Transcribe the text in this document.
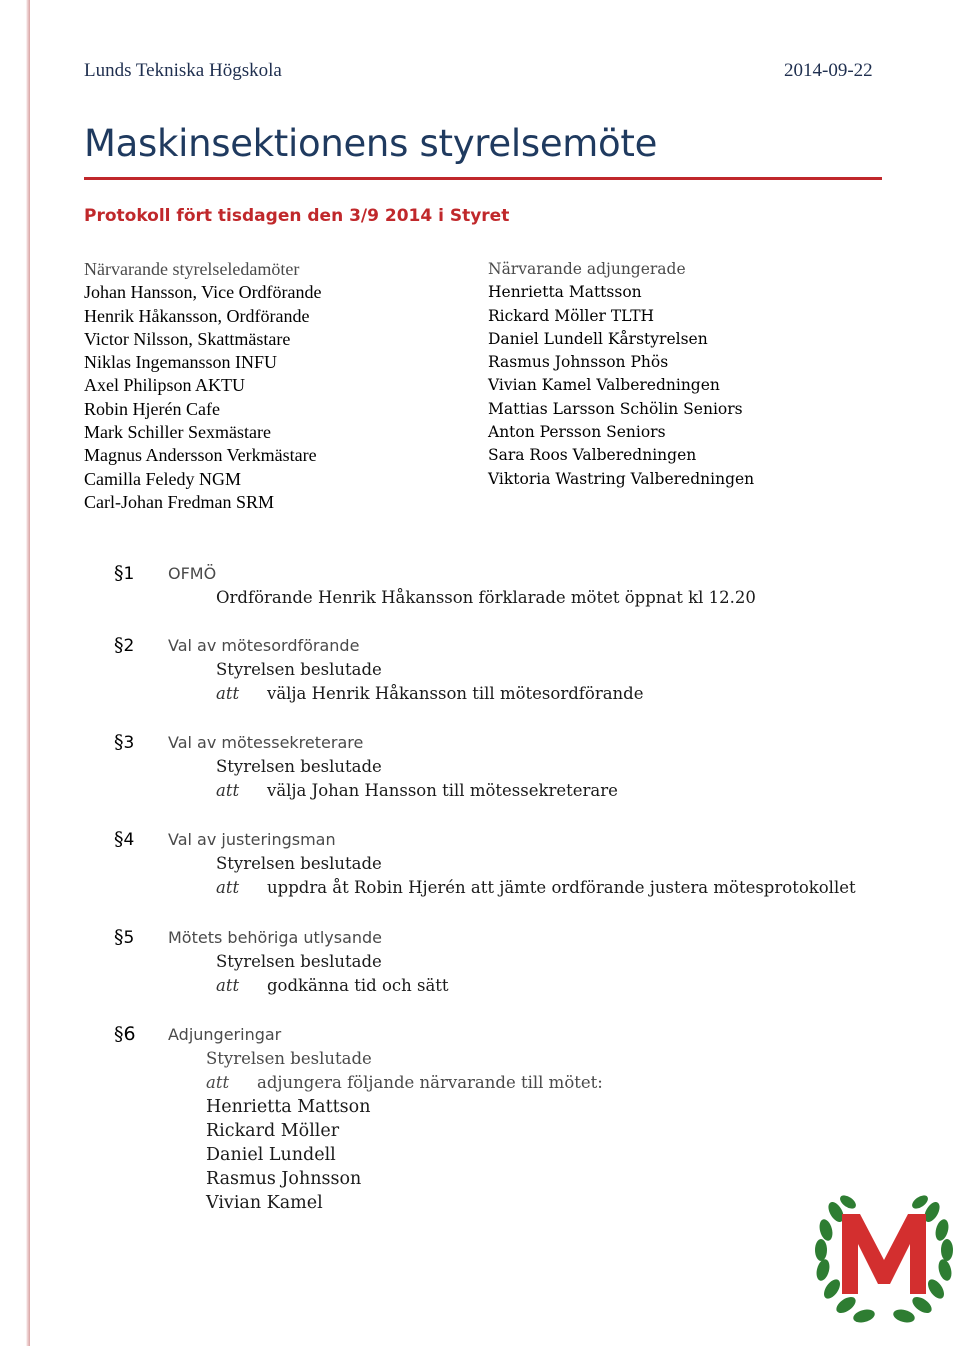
Lunds Tekniska Högskola	2014-09-22
Maskinsektionens styrelsemöte
Protokoll fört tisdagen den 3/9 2014 i Styret
Närvarande styrelseledamöter
Johan Hansson, Vice Ordförande
Henrik Håkansson, Ordförande
Victor Nilsson, Skattmästare
Niklas Ingemansson INFU
Axel Philipson AKTU
Robin Hjerén Cafe
Mark Schiller Sexmästare
Magnus Andersson Verkmästare
Camilla Feledy NGM
Carl-Johan Fredman SRM
Närvarande adjungerade
Henrietta Mattsson
Rickard Möller TLTH
Daniel Lundell Kårstyrelsen
Rasmus Johnsson Phös
Vivian Kamel Valberedningen
Mattias Larsson Schölin Seniors
Anton Persson Seniors
Sara Roos Valberedningen
Viktoria Wastring Valberedningen
§1 OFMÖ
Ordförande Henrik Håkansson förklarade mötet öppnat kl 12.20
§2 Val av mötesordförande
Styrelsen beslutade
att välja Henrik Håkansson till mötesordförande
§3 Val av mötessekreterare
Styrelsen beslutade
att välja Johan Hansson till mötessekreterare
§4 Val av justeringsman
Styrelsen beslutade
att uppdra åt Robin Hjerén att jämte ordförande justera mötesprotokollet
§5 Mötets behöriga utlysande
Styrelsen beslutade
att godkänna tid och sätt
§6 Adjungeringar
Styrelsen beslutade
att adjungera följande närvarande till mötet:
Henrietta Mattson
Rickard Möller
Daniel Lundell
Rasmus Johnsson
Vivian Kamel
